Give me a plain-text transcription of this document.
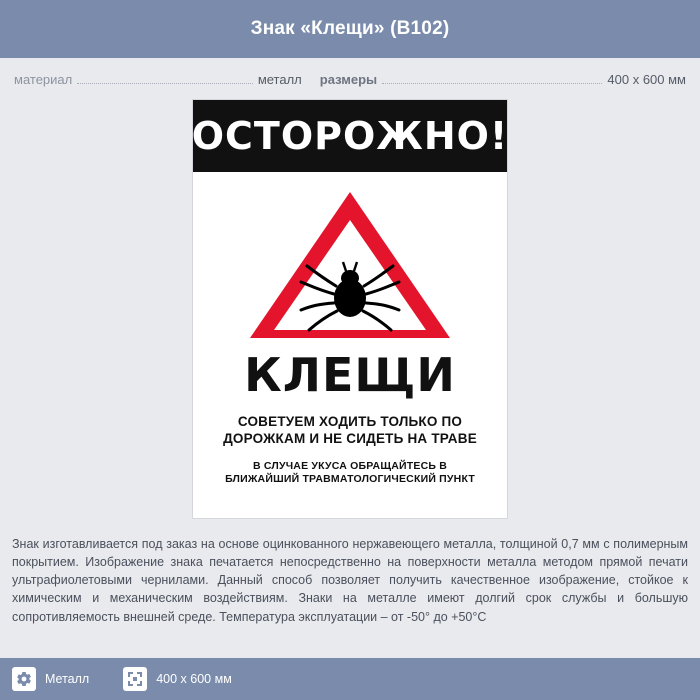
Знак «Клещи» (В102)
материал	металл размеры	400 x 600 мм
ОСТОРОЖНО!
КЛЕЩИ
СОВЕТУЕМ ХОДИТЬ ТОЛЬКО ПО
ДОРОЖКАМ И НЕ СИДЕТЬ НА ТРАВЕ
В СЛУЧАЕ УКУСА ОБРАЩАЙТЕСЬ В
БЛИЖАЙШИЙ ТРАВМАТОЛОГИЧЕСКИЙ ПУНКТ
Знак изготавливается под заказ на основе оцинкованного нержавеющего металла, толщиной 0,7 мм с полимерным покрытием. Изображение знака печатается непосредственно на поверхности металла методом прямой печати ультрафиолетовыми чернилами. Данный способ позволяет получить качественное изображение, стойкое к химическим и механическим воздействиям. Знаки на металле имеют долгий срок службы и большую сопротивляемость внешней среде. Температура эксплуатации – от -50° до +50°С
Металл	400 x 600 мм
